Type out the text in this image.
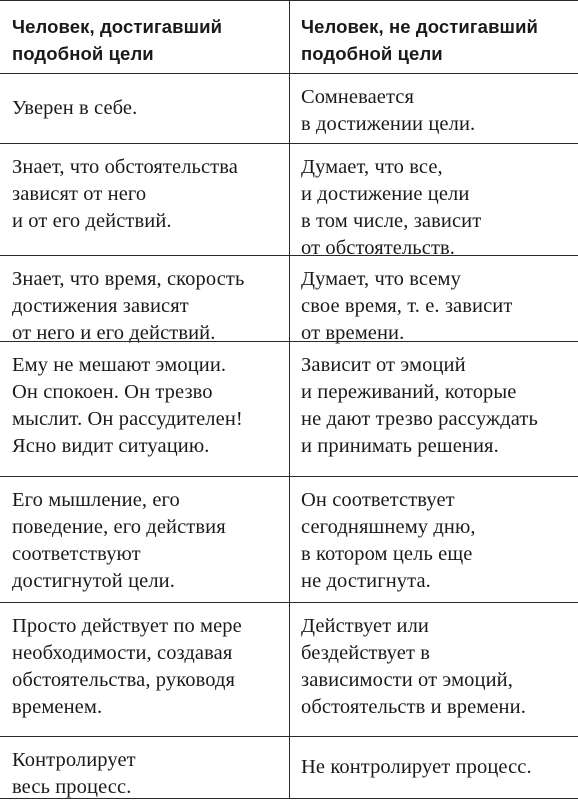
Человек, достигавший
подобной цели
Человек, не достигавший
подобной цели
Уверен в себе.	Сомневается
в достижении цели.
Знает, что обстоятельства
зависят от него
и от его действий.
Думает, что все,
и достижение цели
в том числе, зависит
от обстоятельств.
Знает, что время, скорость
достижения зависят
от него и его действий.
Думает, что всему
свое время, т. е. зависит
от времени.
Ему не мешают эмоции.
Он спокоен. Он трезво
мыслит. Он рассудителен!
Ясно видит ситуацию.
Зависит от эмоций
и переживаний, которые
не дают трезво рассуждать
и принимать решения.
Его мышление, его
поведение, его действия
соответствуют
достигнутой цели.
Он соответствует
сегодняшнему дню,
в котором цель еще
не достигнута.
Просто действует по мере
необходимости, создавая
обстоятельства, руководя
временем.
Действует или
бездействует в
зависимости от эмоций,
обстоятельств и времени.
Контролирует
весь процесс.
Не контролирует процесс.
